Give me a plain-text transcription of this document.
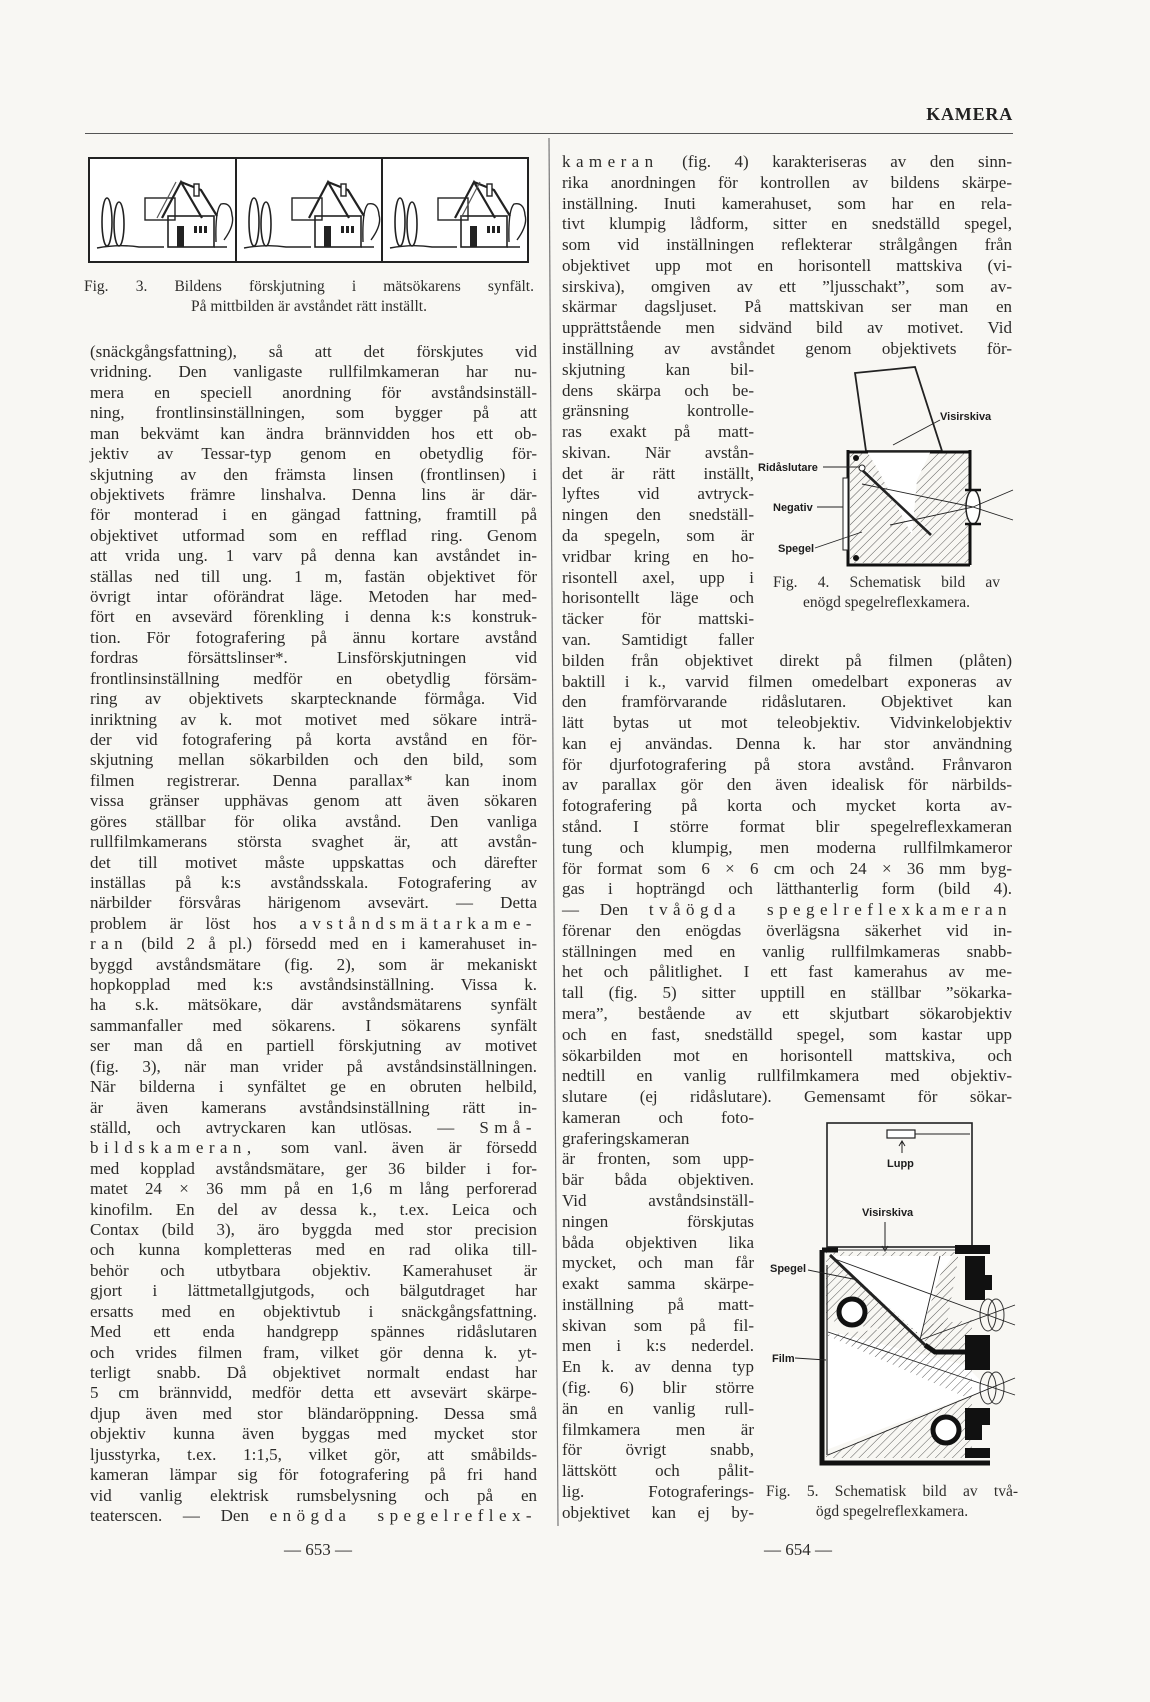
KAMERA
(snäckgångsfattning), så att det förskjutes vid
vridning. Den vanligaste rullfilmkameran har nu-
mera en speciell anordning för avståndsinställ-
ning, frontlinsinställningen, som bygger på att
man bekvämt kan ändra brännvidden hos ett ob-
jektiv av Tessar-typ genom en obetydlig för-
skjutning av den främsta linsen (frontlinsen) i
objektivets främre linshalva. Denna lins är där-
för monterad i en gängad fattning, framtill på
objektivet utformad som en refflad ring. Genom
att vrida ung. 1 varv på denna kan avståndet in-
ställas ned till ung. 1 m, fastän objektivet för
övrigt intar oförändrat läge. Metoden har med-
fört en avsevärd förenkling i denna k:s konstruk-
tion. För fotografering på ännu kortare avstånd
fordras försättslinser*. Linsförskjutningen vid
frontlinsinställning medför en obetydlig försäm-
ring av objektivets skarptecknande förmåga. Vid
inriktning av k. mot motivet med sökare inträ-
der vid fotografering på korta avstånd en för-
skjutning mellan sökarbilden och den bild, som
filmen registrerar. Denna parallax* kan inom
vissa gränser upphävas genom att även sökaren
göres ställbar för olika avstånd. Den vanliga
rullfilmkamerans största svaghet är, att avstån-
det till motivet måste uppskattas och därefter
inställas på k:s avståndsskala. Fotografering av
närbilder försvåras härigenom avsevärt. — Detta
problem är löst hos avståndsmätarkame-
ran (bild 2 å pl.) försedd med en i kamerahuset in-
byggd avståndsmätare (fig. 2), som är mekaniskt
hopkopplad med k:s avståndsinställning. Vissa k.
ha s.k. mätsökare, där avståndsmätarens synfält
sammanfaller med sökarens. I sökarens synfält
ser man då en partiell förskjutning av motivet
(fig. 3), när man vrider på avståndsinställningen.
När bilderna i synfältet ge en obruten helbild,
är även kamerans avståndsinställning rätt in-
ställd, och avtryckaren kan utlösas. — Små-
bildskameran, som vanl. även är försedd
med kopplad avståndsmätare, ger 36 bilder i for-
matet 24 × 36 mm på en 1,6 m lång perforerad
kinofilm. En del av dessa k., t.ex. Leica och
Contax (bild 3), äro byggda med stor precision
och kunna kompletteras med en rad olika till-
behör och utbytbara objektiv. Kamerahuset är
gjort i lättmetallgjutgods, och bälgutdraget har
ersatts med en objektivtub i snäckgångsfattning.
Med ett enda handgrepp spännes ridåslutaren
och vrides filmen fram, vilket gör denna k. yt-
terligt snabb. Då objektivet normalt endast har
5 cm brännvidd, medför detta ett avsevärt skärpe-
djup även med stor bländaröppning. Dessa små
objektiv kunna även byggas med mycket stor
ljusstyrka, t.ex. 1:1,5, vilket gör, att småbilds-
kameran lämpar sig för fotografering på fri hand
vid vanlig elektrisk rumsbelysning och på en
teaterscen. — Den enögda spegelreflex-
kameran (fig. 4) karakteriseras av den sinn-
rika anordningen för kontrollen av bildens skärpe-
inställning. Inuti kamerahuset, som har en rela-
tivt klumpig lådform, sitter en snedställd spegel,
som vid inställningen reflekterar strålgången från
objektivet upp mot en horisontell mattskiva (vi-
sirskiva), omgiven av ett ”ljusschakt”, som av-
skärmar dagsljuset. På mattskivan ser man en
upprättstående men sidvänd bild av motivet. Vid
inställning av avståndet genom objektivets för-
skjutning kan bil-
dens skärpa och be-
gränsning kontrolle-
ras exakt på matt-
skivan. När avstån-
det är rätt inställt,
lyftes vid avtryck-
ningen den snedställ-
da spegeln, som är
vridbar kring en ho-
risontell axel, upp i
horisontellt läge och
täcker för mattski-
van. Samtidigt faller
bilden från objektivet direkt på filmen (plåten)
baktill i k., varvid filmen omedelbart exponeras av
den framförvarande ridåslutaren. Objektivet kan
lätt bytas ut mot teleobjektiv. Vidvinkelobjektiv
kan ej användas. Denna k. har stor användning
för djurfotografering på stora avstånd. Frånvaron
av parallax gör den även idealisk för närbilds-
fotografering på korta och mycket korta av-
stånd. I större format blir spegelreflexkameran
tung och klumpig, men moderna rullfilmkameror
för format som 6 × 6 cm och 24 × 36 mm byg-
gas i hopträngd och lätthanterlig form (bild 4).
— Den tvåögda spegelreflexkameran
förenar den enögdas överlägsna säkerhet vid in-
ställningen med en vanlig rullfilmkameras snabb-
het och pålitlighet. I ett fast kamerahus av me-
tall (fig. 5) sitter upptill en ställbar ”sökarka-
mera”, bestående av ett skjutbart sökarobjektiv
och en fast, snedställd spegel, som kastar upp
sökarbilden mot en horisontell mattskiva, och
nedtill en vanlig rullfilmkamera med objektiv-
slutare (ej ridåslutare). Gemensamt för sökar-
kameran och foto-
graferingskameran
är fronten, som upp-
bär båda objektiven.
Vid avståndsinställ-
ningen förskjutas
båda objektiven lika
mycket, och man får
exakt samma skärpe-
inställning på matt-
skivan som på fil-
men i k:s nederdel.
En k. av denna typ
(fig. 6) blir större
än en vanlig rull-
filmkamera men är
för övrigt snabb,
lättskött och pålit-
lig. Fotograferings-
objektivet kan ej by-
Fig. 3. Bildens förskjutning i mätsökarens synfält.
På mittbilden är avståndet rätt inställt.
Visirskiva
Ridåslutare
Negativ
Spegel
Fig. 4. Schematisk bild av
enögd spegelreflexkamera.
Lupp
Visirskiva
Spegel
Film
Fig. 5. Schematisk bild av två-
ögd spegelreflexkamera.
— 653 —	— 654 —
